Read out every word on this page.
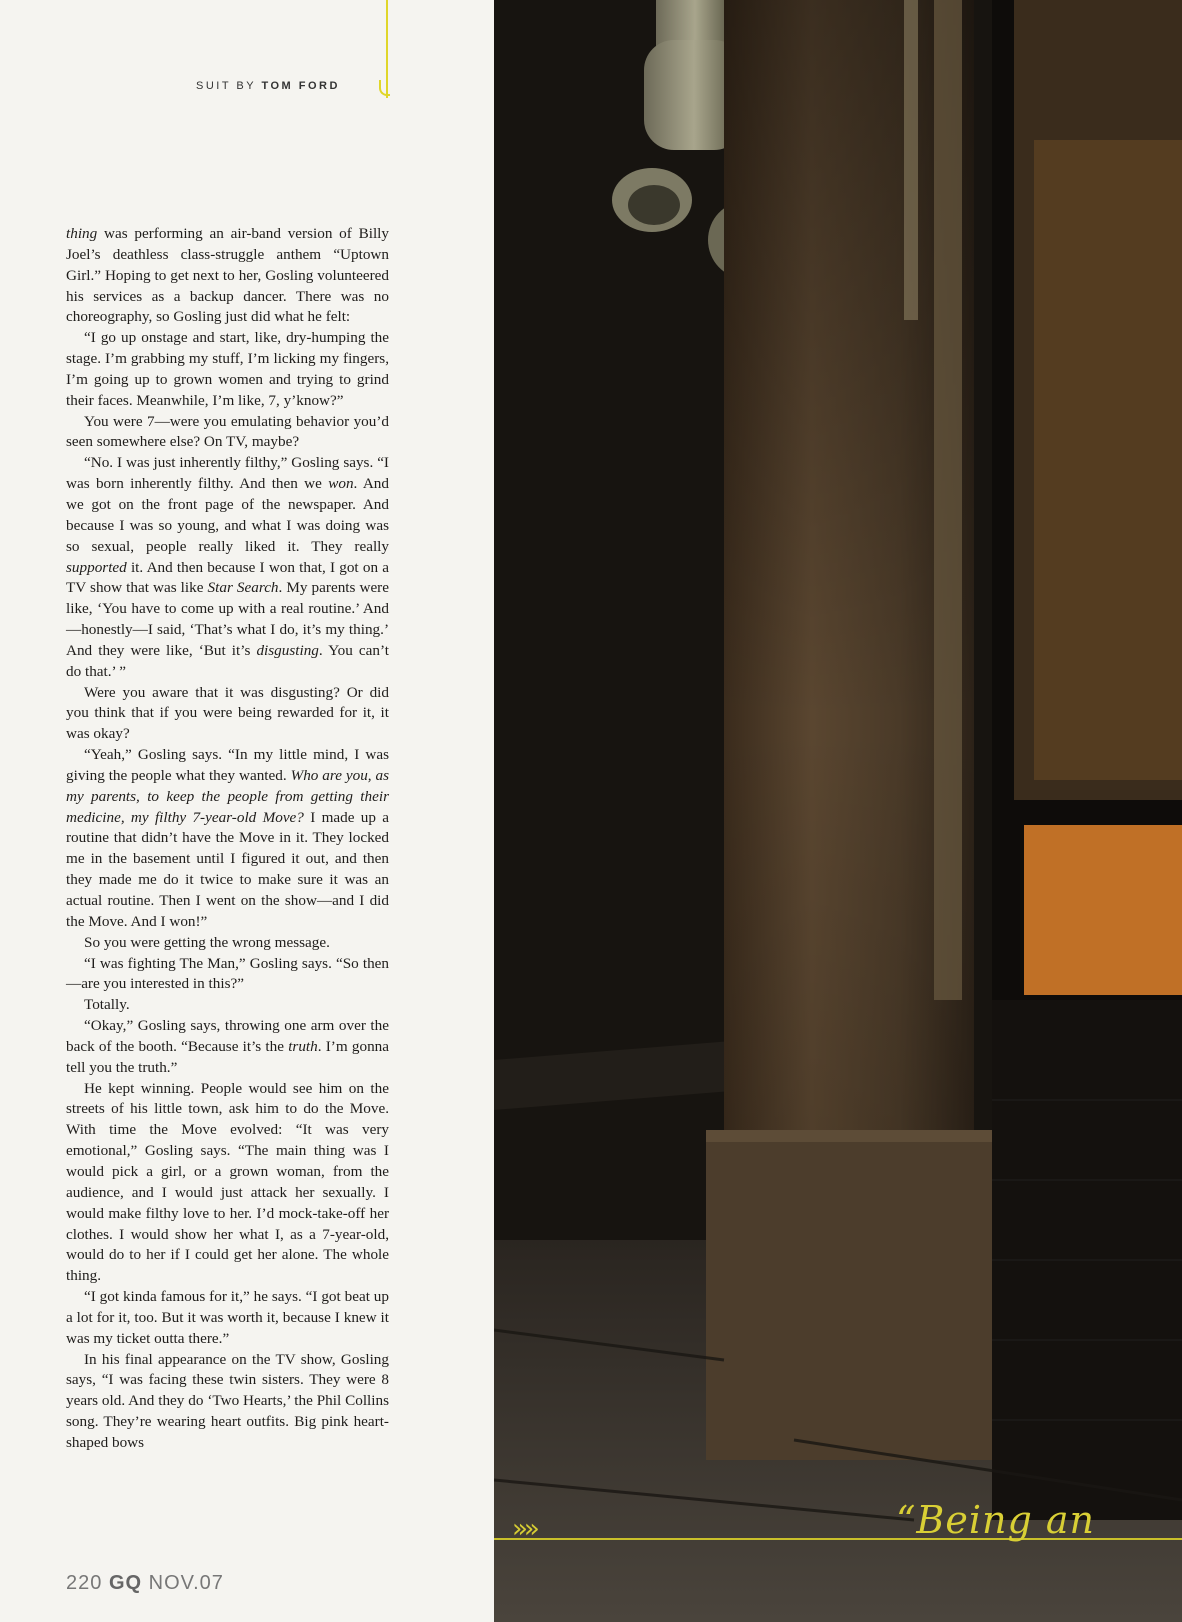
SUIT BY TOM FORD

thing was performing an air-band version of Billy Joel’s deathless class-struggle anthem “Uptown Girl.” Hoping to get next to her, Gosling volunteered his services as a backup dancer. There was no choreography, so Gosling just did what he felt:

“I go up onstage and start, like, dry-humping the stage. I’m grabbing my stuff, I’m licking my fingers, I’m going up to grown women and trying to grind their faces. Meanwhile, I’m like, 7, y’know?”

You were 7—were you emulating behavior you’d seen somewhere else? On TV, maybe?

“No. I was just inherently filthy,” Gosling says. “I was born inherently filthy. And then we won. And we got on the front page of the newspaper. And because I was so young, and what I was doing was so sexual, people really liked it. They really supported it. And then because I won that, I got on a TV show that was like Star Search. My parents were like, ‘You have to come up with a real routine.’ And—honestly—I said, ‘That’s what I do, it’s my thing.’ And they were like, ‘But it’s disgusting. You can’t do that.’ ”

Were you aware that it was disgusting? Or did you think that if you were being rewarded for it, it was okay?

“Yeah,” Gosling says. “In my little mind, I was giving the people what they wanted. Who are you, as my parents, to keep the people from getting their medicine, my filthy 7-year-old Move? I made up a routine that didn’t have the Move in it. They locked me in the basement until I figured it out, and then they made me do it twice to make sure it was an actual routine. Then I went on the show—and I did the Move. And I won!”

So you were getting the wrong message.

“I was fighting The Man,” Gosling says. “So then—are you interested in this?”

Totally.

“Okay,” Gosling says, throwing one arm over the back of the booth. “Because it’s the truth. I’m gonna tell you the truth.”

He kept winning. People would see him on the streets of his little town, ask him to do the Move. With time the Move evolved: “It was very emotional,” Gosling says. “The main thing was I would pick a girl, or a grown woman, from the audience, and I would just attack her sexually. I would make filthy love to her. I’d mock-take-off her clothes. I would show her what I, as a 7-year-old, would do to her if I could get her alone. The whole thing.

“I got kinda famous for it,” he says. “I got beat up a lot for it, too. But it was worth it, because I knew it was my ticket outta there.”

In his final appearance on the TV show, Gosling says, “I was facing these twin sisters. They were 8 years old. And they do ‘Two Hearts,’ the Phil Collins song. They’re wearing heart outfits. Big pink heart-shaped bows

220 GQ NOV.07
»»	“Being an
